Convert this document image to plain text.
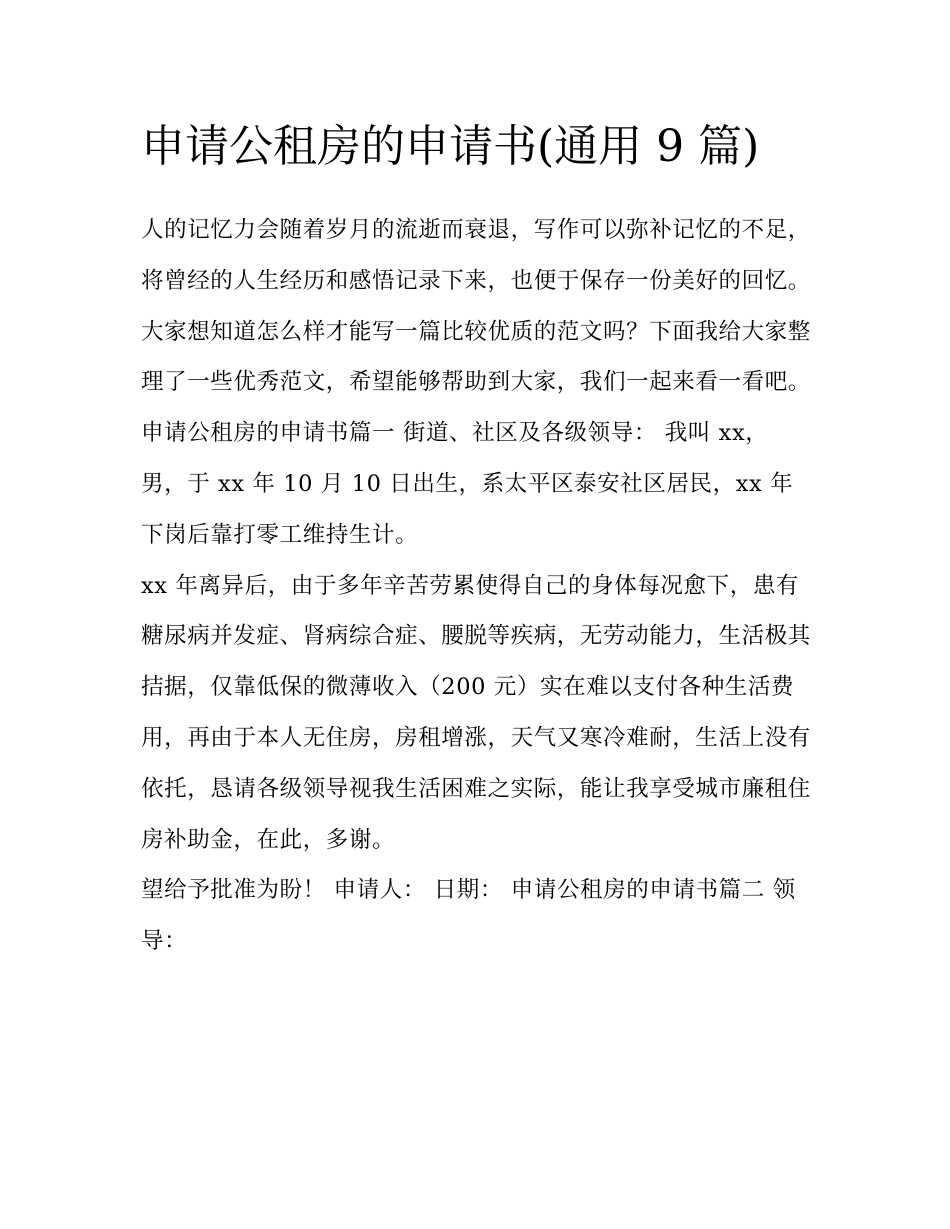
申请公租房的申请书(通用 9 篇)

人的记忆力会随着岁月的流逝而衰退，写作可以弥补记忆的不足，将曾经的人生经历和感悟记录下来，也便于保存一份美好的回忆。大家想知道怎么样才能写一篇比较优质的范文吗？下面我给大家整理了一些优秀范文，希望能够帮助到大家，我们一起来看一看吧。

申请公租房的申请书篇一 街道、社区及各级领导： 我叫 xx，男，于 xx 年 10 月 10 日出生，系太平区泰安社区居民，xx 年下岗后靠打零工维持生计。

xx 年离异后，由于多年辛苦劳累使得自己的身体每况愈下，患有糖尿病并发症、肾病综合症、腰脱等疾病，无劳动能力，生活极其拮据，仅靠低保的微薄收入（200 元）实在难以支付各种生活费用，再由于本人无住房，房租增涨，天气又寒冷难耐，生活上没有依托，恳请各级领导视我生活困难之实际，能让我享受城市廉租住房补助金，在此，多谢。

望给予批准为盼！ 申请人： 日期： 申请公租房的申请书篇二 领导：
